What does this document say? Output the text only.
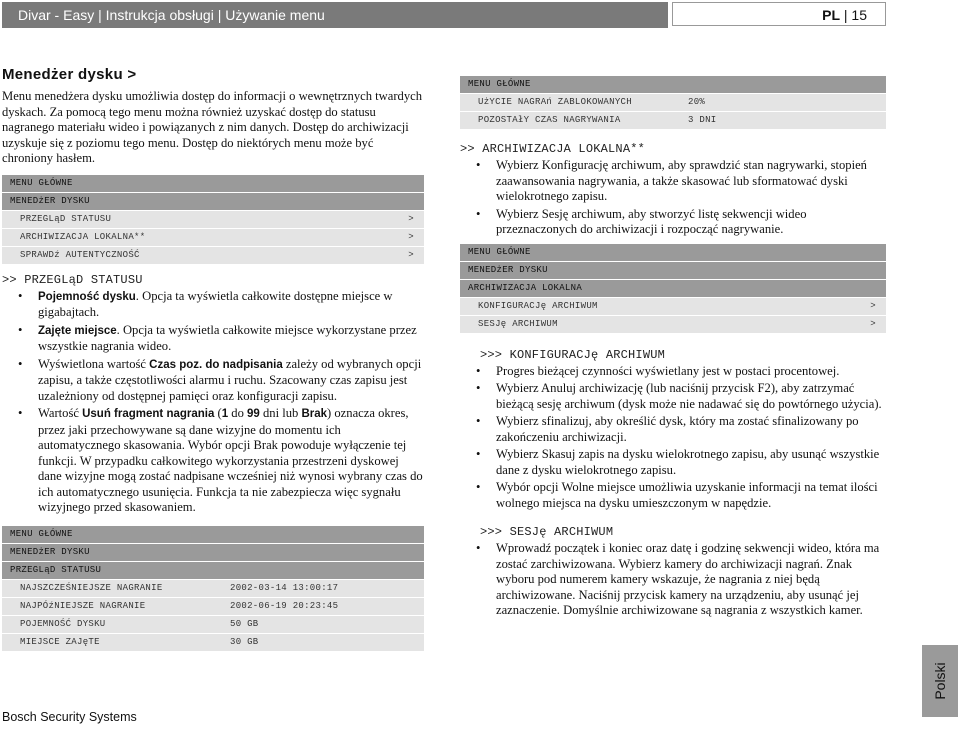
Divar - Easy | Instrukcja obsługi | Używanie menu	PL | 15
Menedżer dysku >

Menu menedżera dysku umożliwia dostęp do informacji o wewnętrznych twardych dyskach. Za pomocą tego menu można również uzyskać dostęp do statusu nagranego materiału wideo i powiązanych z nim danych. Dostęp do archiwizacji uzyskuje się z poziomu tego menu. Dostęp do niektórych menu może być chroniony hasłem.

MENU GŁÓWNE
MENEDżER DYSKU
PRZEGLąD STATUSU	>
ARCHIWIZACJA LOKALNA**	>
SPRAWDź AUTENTYCZNOŚĆ	>
>> PRZEGLąD STATUSU
• Pojemność dysku. Opcja ta wyświetla całkowite dostępne miejsce w gigabajtach.
• Zajęte miejsce. Opcja ta wyświetla całkowite miejsce wykorzystane przez wszystkie nagrania wideo.
• Wyświetlona wartość Czas poz. do nadpisania zależy od wybranych opcji zapisu, a także częstotliwości alarmu i ruchu. Szacowany czas zapisu jest uzależniony od dostępnej pamięci oraz konfiguracji zapisu.
• Wartość Usuń fragment nagrania (1 do 99 dni lub Brak) oznacza okres, przez jaki przechowywane są dane wizyjne do momentu ich automatycznego skasowania. Wybór opcji Brak powoduje wyłączenie tej funkcji. W przypadku całkowitego wykorzystania przestrzeni dyskowej dane wizyjne mogą zostać nadpisane wcześniej niż wynosi wybrany czas do ich automatycznego usunięcia. Funkcja ta nie zabezpiecza więc sygnału wizyjnego przed skasowaniem.
MENU GŁÓWNE
MENEDżER DYSKU
PRZEGLąD STATUSU
NAJSZCZEŚNIEJSZE NAGRANIE	2002-03-14 13:00:17
NAJPÓźNIEJSZE NAGRANIE	2002-06-19 20:23:45
POJEMNOŚĆ DYSKU	50 GB
MIEJSCE ZAJęTE	30 GB
MENU GŁÓWNE
UżYCIE NAGRAń ZABLOKOWANYCH	20%
POZOSTAłY CZAS NAGRYWANIA	3 DNI
>> ARCHIWIZACJA LOKALNA**
• Wybierz Konfigurację archiwum, aby sprawdzić stan nagrywarki, stopień zaawansowania nagrywania, a także skasować lub sformatować dyski wielokrotnego zapisu.
• Wybierz Sesję archiwum, aby stworzyć listę sekwencji wideo przeznaczonych do archiwizacji i rozpocząć nagrywanie.
MENU GŁÓWNE
MENEDżER DYSKU
ARCHIWIZACJA LOKALNA
KONFIGURACJę ARCHIWUM	>
SESJę ARCHIWUM	>
>>> KONFIGURACJę ARCHIWUM
• Progres bieżącej czynności wyświetlany jest w postaci procentowej.
• Wybierz Anuluj archiwizację (lub naciśnij przycisk F2), aby zatrzymać bieżącą sesję archiwum (dysk może nie nadawać się do powtórnego użycia).
• Wybierz sfinalizuj, aby określić dysk, który ma zostać sfinalizowany po zakończeniu archiwizacji.
• Wybierz Skasuj zapis na dysku wielokrotnego zapisu, aby usunąć wszystkie dane z dysku wielokrotnego zapisu.
• Wybór opcji Wolne miejsce umożliwia uzyskanie informacji na temat ilości wolnego miejsca na dysku umieszczonym w napędzie.
>>> SESJę ARCHIWUM
• Wprowadź początek i koniec oraz datę i godzinę sekwencji wideo, która ma zostać zarchiwizowana. Wybierz kamery do archiwizacji nagrań. Znak wyboru pod numerem kamery wskazuje, że nagrania z niej będą archiwizowane. Naciśnij przycisk kamery na urządzeniu, aby usunąć jej zaznaczenie. Domyślnie archiwizowane są nagrania z wszystkich kamer.
Bosch Security Systems
Polski
